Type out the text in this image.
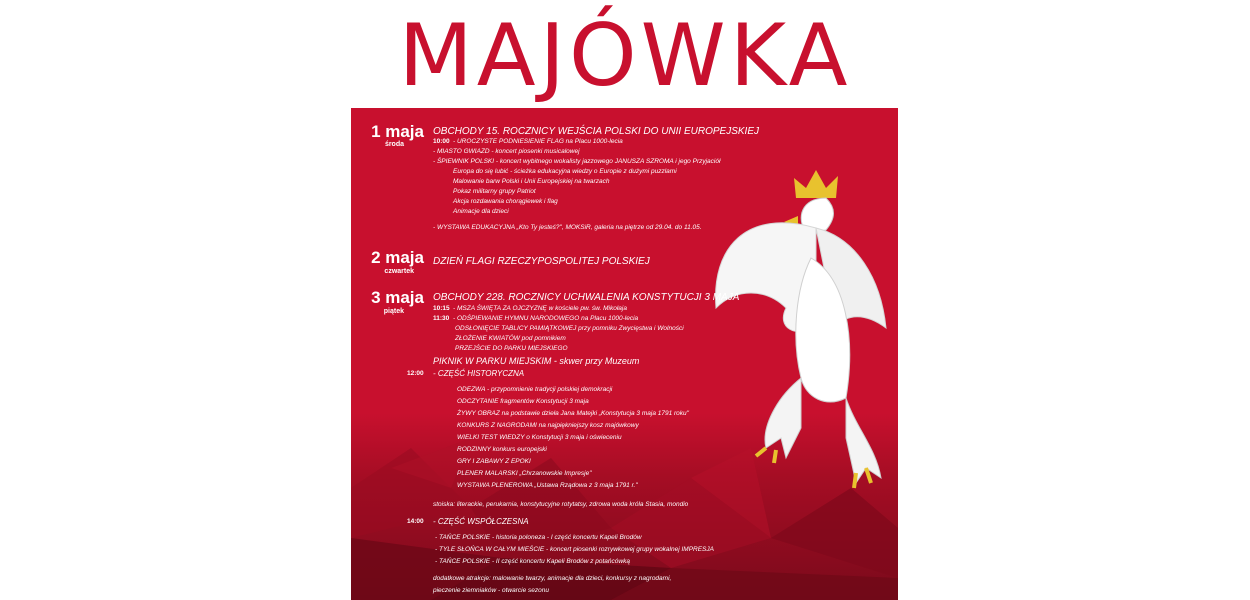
MAJÓWKA
1 maja
środa
OBCHODY 15. ROCZNICY WEJŚCIA POLSKI DO UNII EUROPEJSKIEJ
10:00 - UROCZYSTE PODNIESIENIE FLAG na Placu 1000-lecia
- MIASTO GWIAZD - koncert piosenki musicalowej
- ŚPIEWNIK POLSKI - koncert wybitnego wokalisty jazzowego JANUSZA SZROMA i jego Przyjaciół
Europa do się lubić - ścieżka edukacyjna wiedzy o Europie z dużymi puzzlami
Malowanie barw Polski i Unii Europejskiej na twarzach
Pokaz militarny grupy Patriot
Akcja rozdawania chorągiewek i flag
Animacje dla dzieci
- WYSTAWA EDUKACYJNA „Kto Ty jesteś?", MOKSiR, galeria na piętrze od 29.04. do 11.05.
2 maja
czwartek
DZIEŃ FLAGI RZECZYPOSPOLITEJ POLSKIEJ
3 maja
piątek
OBCHODY 228. ROCZNICY UCHWALENIA KONSTYTUCJI 3 MAJA
10:15 - MSZA ŚWIĘTA ZA OJCZYZNĘ w kościele pw. św. Mikołaja
11:30 - ODŚPIEWANIE HYMNU NARODOWEGO na Placu 1000-lecia
ODSŁONIĘCIE TABLICY PAMIĄTKOWEJ przy pomniku Zwycięstwa i Wolności
ZŁOŻENIE KWIATÓW pod pomnikiem
PRZEJŚCIE DO PARKU MIEJSKIEGO
PIKNIK W PARKU MIEJSKIM - skwer przy Muzeum
12:00 - CZĘŚĆ HISTORYCZNA
ODEZWA - przypomnienie tradycji polskiej demokracji
ODCZYTANIE fragmentów Konstytucji 3 maja
ŻYWY OBRAZ na podstawie dzieła Jana Matejki „Konstytucja 3 maja 1791 roku"
KONKURS Z NAGRODAMI na najpiękniejszy kosz majówkowy
WIELKI TEST WIEDZY o Konstytucji 3 maja i oświeceniu
RODZINNY konkurs europejski
GRY I ZABAWY Z EPOKI
PLENER MALARSKI „Chrzanowskie Impresje"
WYSTAWA PLENEROWA „Ustawa Rządowa z 3 maja 1791 r."
stoiska: literackie, perukarnia, konstytucyjne rotytatsy, zdrowa woda króla Stasia, mondio
14:00 - CZĘŚĆ WSPÓŁCZESNA
- TAŃCE POLSKIE - historia poloneza - I część koncertu Kapeli Brodów
- TYLE SŁOŃCA W CAŁYM MIEŚCIE - koncert piosenki rozrywkowej grupy wokalnej IMPRESJA
- TAŃCE POLSKIE - II część koncertu Kapeli Brodów z potańcówką
dodatkowe atrakcje: malowanie twarzy, animacje dla dzieci, konkursy z nagrodami,
pieczenie ziemniaków - otwarcie sezonu
